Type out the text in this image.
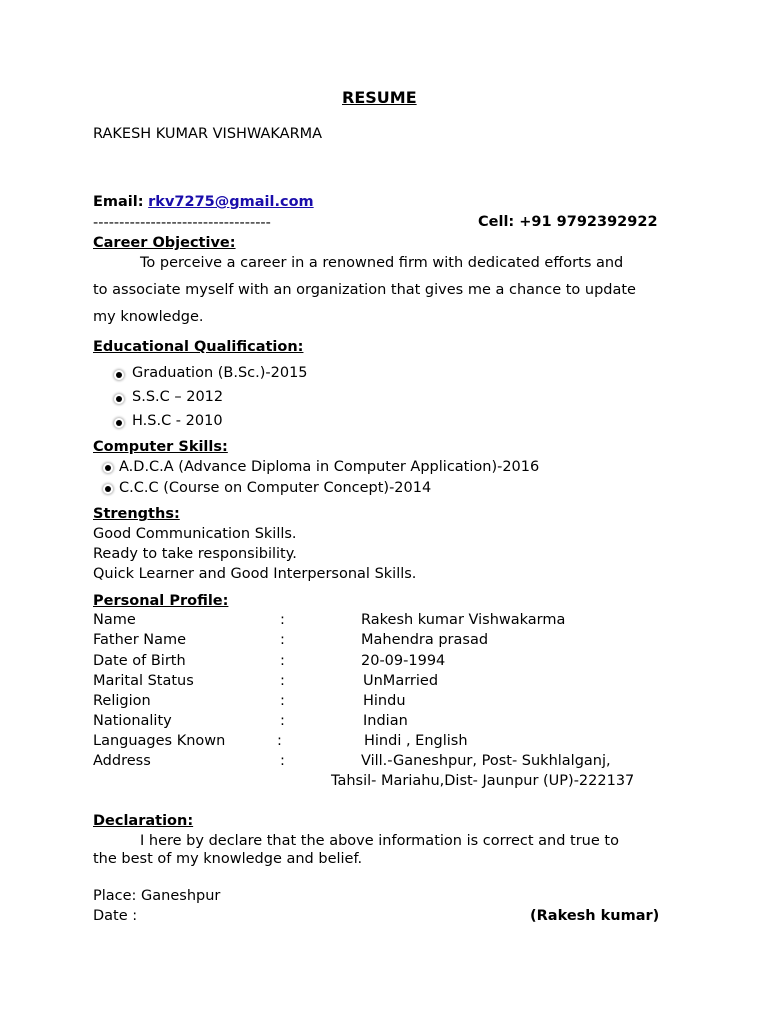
RESUME
RAKESH KUMAR VISHWAKARMA
Email: rkv7275@gmail.com
----------------------------------	Cell: +91 9792392922
Career Objective:
To perceive a career in a renowned firm with dedicated efforts and
to associate myself with an organization that gives me a chance to update
my knowledge.
Educational Qualification:
Graduation (B.Sc.)-2015
S.S.C – 2012
H.S.C - 2010
Computer Skills:
A.D.C.A (Advance Diploma in Computer Application)-2016
C.C.C (Course on Computer Concept)-2014
Strengths:
Good Communication Skills.
Ready to take responsibility.
Quick Learner and Good Interpersonal Skills.
Personal Profile:
Name	:	Rakesh kumar Vishwakarma
Father Name	:	Mahendra prasad
Date of Birth	:	20-09-1994
Marital Status	:	UnMarried
Religion	:	Hindu
Nationality	:	Indian
Languages Known	:	Hindi , English
Address	:	Vill.-Ganeshpur, Post- Sukhlalganj,
Tahsil- Mariahu,Dist- Jaunpur (UP)-222137
Declaration:
I here by declare that the above information is correct and true to
the best of my knowledge and belief.
Place: Ganeshpur
Date :	(Rakesh kumar)
